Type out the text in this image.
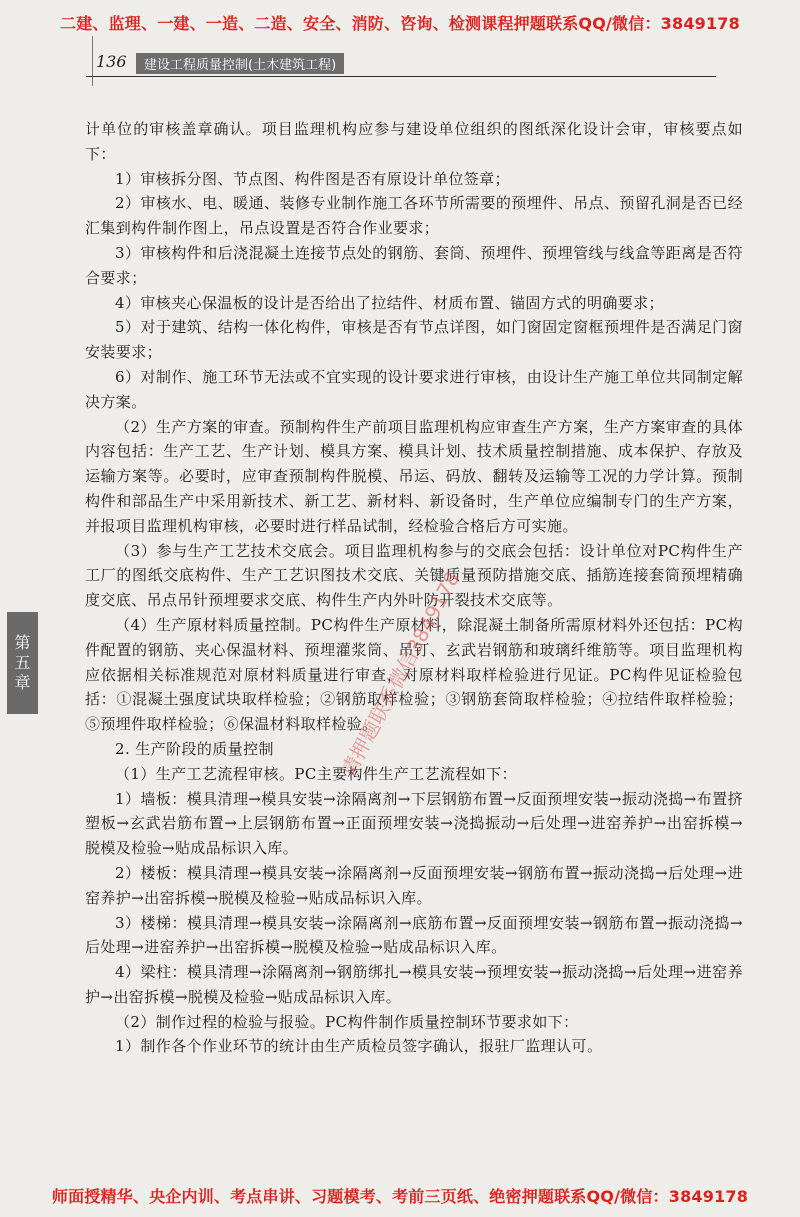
二建、监理、一建、一造、二造、安全、消防、咨询、检测课程押题联系QQ/微信：3849178
136	建设工程质量控制(土木建筑工程)
第
五
章

计单位的审核盖章确认。项目监理机构应参与建设单位组织的图纸深化设计会审，审核要点如下：

1）审核拆分图、节点图、构件图是否有原设计单位签章；

2）审核水、电、暖通、装修专业制作施工各环节所需要的预埋件、吊点、预留孔洞是否已经汇集到构件制作图上，吊点设置是否符合作业要求；

3）审核构件和后浇混凝土连接节点处的钢筋、套筒、预埋件、预埋管线与线盒等距离是否符合要求；

4）审核夹心保温板的设计是否给出了拉结件、材质布置、锚固方式的明确要求；

5）对于建筑、结构一体化构件，审核是否有节点详图，如门窗固定窗框预埋件是否满足门窗安装要求；

6）对制作、施工环节无法或不宜实现的设计要求进行审核，由设计生产施工单位共同制定解决方案。

（2）生产方案的审查。预制构件生产前项目监理机构应审查生产方案，生产方案审查的具体内容包括：生产工艺、生产计划、模具方案、模具计划、技术质量控制措施、成本保护、存放及运输方案等。必要时，应审查预制构件脱模、吊运、码放、翻转及运输等工况的力学计算。预制构件和部品生产中采用新技术、新工艺、新材料、新设备时，生产单位应编制专门的生产方案，并报项目监理机构审核，必要时进行样品试制，经检验合格后方可实施。

（3）参与生产工艺技术交底会。项目监理机构参与的交底会包括：设计单位对PC构件生产工厂的图纸交底构件、生产工艺识图技术交底、关键质量预防措施交底、插筋连接套筒预埋精确度交底、吊点吊针预埋要求交底、构件生产内外叶防开裂技术交底等。

（4）生产原材料质量控制。PC构件生产原材料，除混凝土制备所需原材料外还包括：PC构件配置的钢筋、夹心保温材料、预埋灌浆筒、吊钉、玄武岩钢筋和玻璃纤维筋等。项目监理机构应依据相关标准规范对原材料质量进行审查，对原材料取样检验进行见证。PC构件见证检验包括：①混凝土强度试块取样检验；②钢筋取样检验；③钢筋套筒取样检验；④拉结件取样检验；⑤预埋件取样检验；⑥保温材料取样检验。

2. 生产阶段的质量控制

（1）生产工艺流程审核。PC主要构件生产工艺流程如下：

1）墙板：模具清理→模具安装→涂隔离剂→下层钢筋布置→反面预埋安装→振动浇捣→布置挤塑板→玄武岩筋布置→上层钢筋布置→正面预埋安装→浇捣振动→后处理→进窑养护→出窑拆模→脱模及检验→贴成品标识入库。

2）楼板：模具清理→模具安装→涂隔离剂→反面预埋安装→钢筋布置→振动浇捣→后处理→进窑养护→出窑拆模→脱模及检验→贴成品标识入库。

3）楼梯：模具清理→模具安装→涂隔离剂→底筋布置→反面预埋安装→钢筋布置→振动浇捣→后处理→进窑养护→出窑拆模→脱模及检验→贴成品标识入库。

4）梁柱：模具清理→涂隔离剂→钢筋绑扎→模具安装→预埋安装→振动浇捣→后处理→进窑养护→出窑拆模→脱模及检验→贴成品标识入库。

（2）制作过程的检验与报验。PC构件制作质量控制环节要求如下：

1）制作各个作业环节的统计由生产质检员签字确认，报驻厂监理认可。

请押题联系微信3849178
师面授精华、央企内训、考点串讲、习题模考、考前三页纸、绝密押题联系QQ/微信：3849178
